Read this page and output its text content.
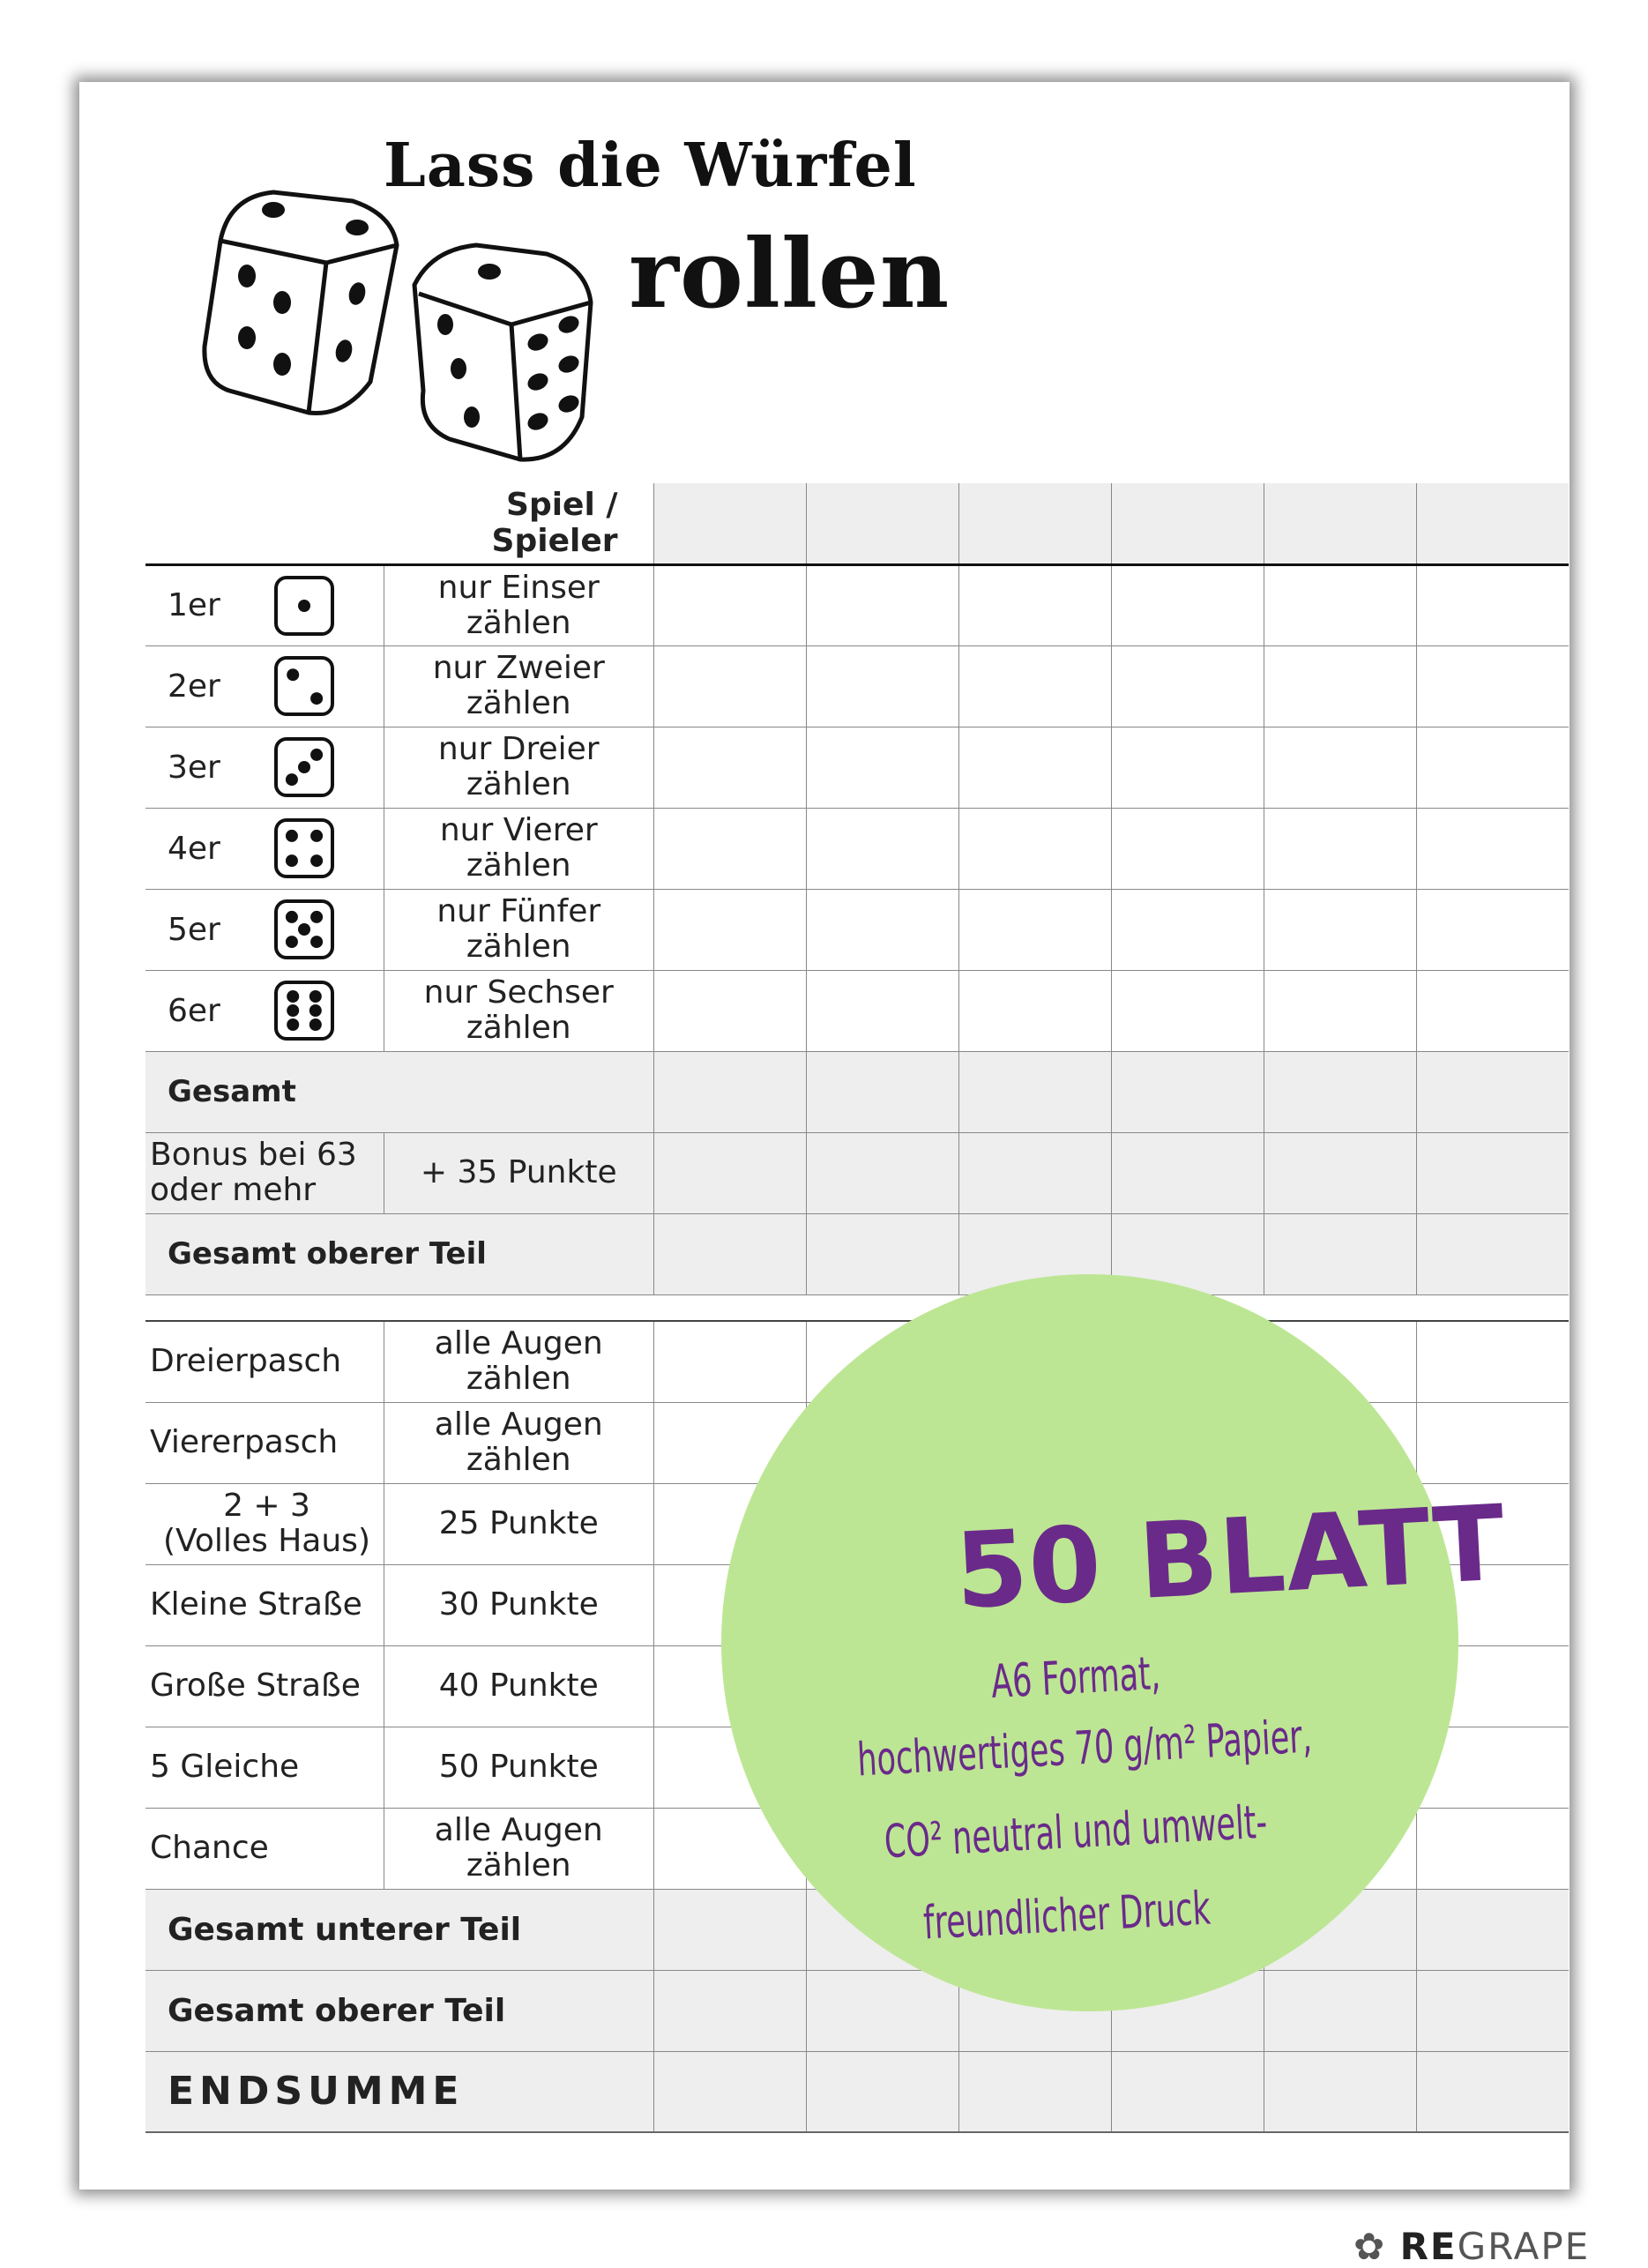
Lass die Würfel
rollen
	Spiel / Spieler						

1er	nur Einser
zählen						

2er	nur Zweier
zählen						

3er	nur Dreier
zählen						

4er	nur Vierer
zählen						

5er	nur Fünfer
zählen						

6er	nur Sechser
zählen						

Gesamt							

Bonus bei 63
oder mehr	+ 35 Punkte						
Gesamt oberer Teil							

Dreierpasch	alle Augen
zählen						

Viererpasch	alle Augen
zählen						

2 + 3
(Volles Haus)	25 Punkte						

Kleine Straße	30 Punkte						

Große Straße	40 Punkte						

5 Gleiche	50 Punkte						

Chance	alle Augen
zählen						

Gesamt unterer Teil							
Gesamt oberer Teil							
ENDSUMME							
50 BLATT
A6 Format,
hochwertiges 70 g/m² Papier,
CO² neutral und umwelt-
freundlicher Druck
✿ REGRAPE
